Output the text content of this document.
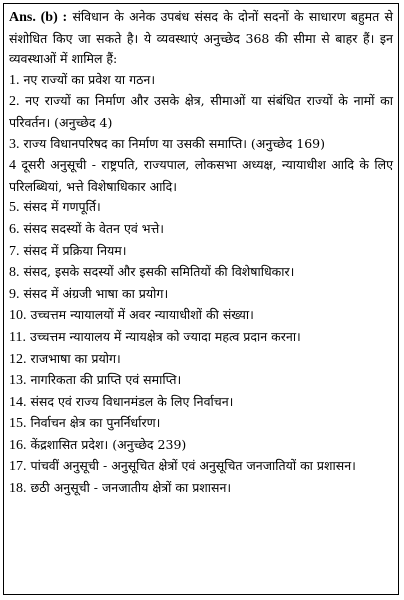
Ans. (b) : संविधान के अनेक उपबंध संसद के दोनों सदनों के साधारण बहुमत से संशोधित किए जा सकते है। ये व्यवस्थाएं अनुच्छेद 368 की सीमा से बाहर हैं। इन व्यवस्थाओं में शामिल हैं:

1. नए राज्यों का प्रवेश या गठन।
2. नए राज्यों का निर्माण और उसके क्षेत्र, सीमाओं या संबंधित राज्यों के नामों का परिवर्तन। (अनुच्छेद 4)
3. राज्य विधानपरिषद का निर्माण या उसकी समाप्ति। (अनुच्छेद 169)
4 दूसरी अनुसूची - राष्ट्रपति, राज्यपाल, लोकसभा अध्यक्ष, न्यायाधीश आदि के लिए परिलब्धियां, भत्ते विशेषाधिकार आदि।
5. संसद में गणपूर्ति।
6. संसद सदस्यों के वेतन एवं भत्ते।
7. संसद में प्रक्रिया नियम।
8. संसद, इसके सदस्यों और इसकी समितियों की विशेषाधिकार।
9. संसद में अंग्रजी भाषा का प्रयोग।
10. उच्चत्तम न्यायालयों में अवर न्यायाधीशों की संख्या।
11. उच्चत्तम न्यायालय में न्यायक्षेत्र को ज्यादा महत्व प्रदान करना।
12. राजभाषा का प्रयोग।
13. नागरिकता की प्राप्ति एवं समाप्ति।
14. संसद एवं राज्य विधानमंडल के लिए निर्वाचन।
15. निर्वाचन क्षेत्र का पुनर्निर्धारण।
16. केंद्रशासित प्रदेश। (अनुच्छेद 239)
17. पांचवीं अनुसूची - अनुसूचित क्षेत्रों एवं अनुसूचित जनजातियों का प्रशासन।
18. छठी अनुसूची - जनजातीय क्षेत्रों का प्रशासन।
